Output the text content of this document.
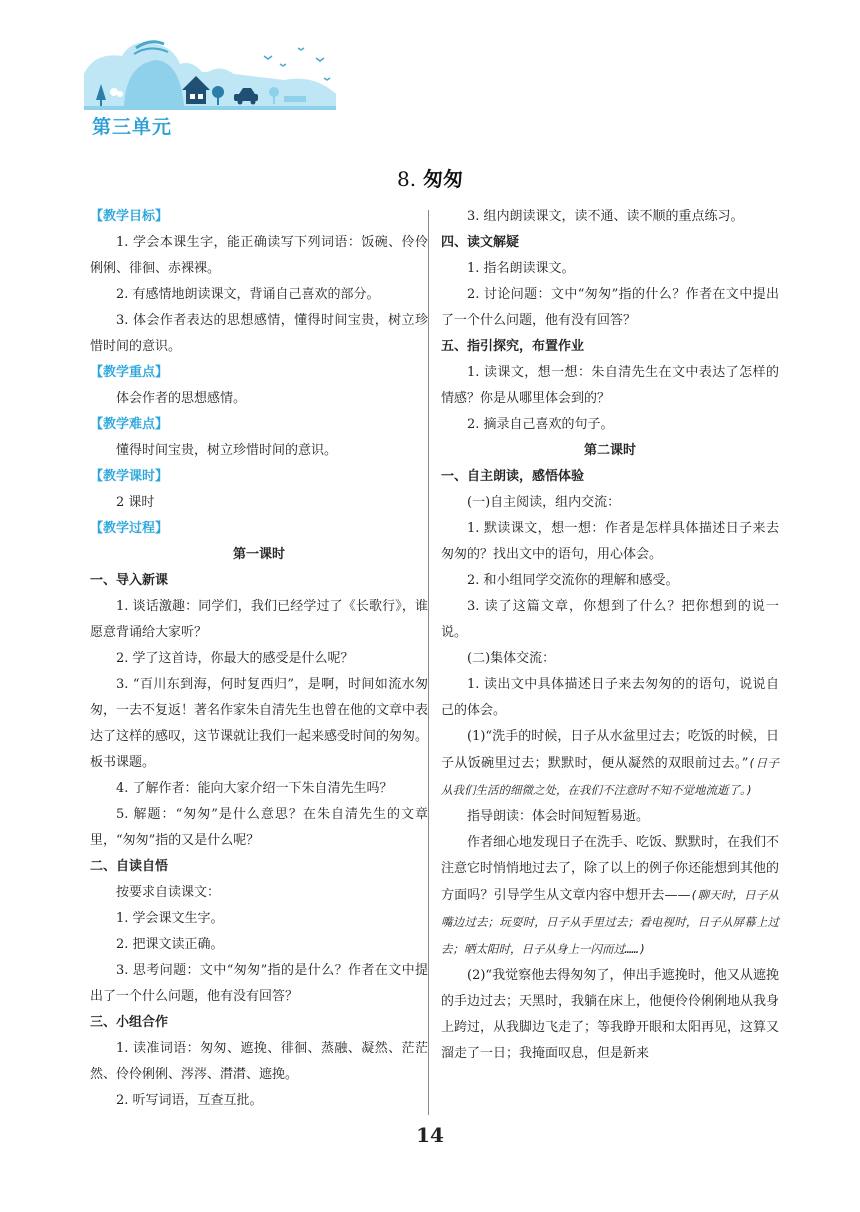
第三单元
8. 匆匆

【教学目标】

1. 学会本课生字，能正确读写下列词语：饭碗、伶伶俐俐、徘徊、赤裸裸。

2. 有感情地朗读课文，背诵自己喜欢的部分。

3. 体会作者表达的思想感情，懂得时间宝贵，树立珍惜时间的意识。

【教学重点】

体会作者的思想感情。

【教学难点】

懂得时间宝贵，树立珍惜时间的意识。

【教学课时】

2 课时

【教学过程】

第一课时

一、导入新课

1. 谈话激趣：同学们，我们已经学过了《长歌行》，谁愿意背诵给大家听？

2. 学了这首诗，你最大的感受是什么呢？

3. “百川东到海，何时复西归”，是啊，时间如流水匆匆，一去不复返！著名作家朱自清先生也曾在他的文章中表达了这样的感叹，这节课就让我们一起来感受时间的匆匆。板书课题。

4. 了解作者：能向大家介绍一下朱自清先生吗？

5. 解题：“匆匆”是什么意思？在朱自清先生的文章里，“匆匆”指的又是什么呢？

二、自读自悟

按要求自读课文：

1. 学会课文生字。

2. 把课文读正确。

3. 思考问题：文中“匆匆”指的是什么？作者在文中提出了一个什么问题，他有没有回答？

三、小组合作

1. 读准词语：匆匆、遮挽、徘徊、蒸融、凝然、茫茫然、伶伶俐俐、涔涔、潸潸、遮挽。

2. 听写词语，互查互批。

3. 组内朗读课文，读不通、读不顺的重点练习。

四、读文解疑

1. 指名朗读课文。

2. 讨论问题：文中“匆匆”指的什么？作者在文中提出了一个什么问题，他有没有回答？

五、指引探究，布置作业

1. 读课文，想一想：朱自清先生在文中表达了怎样的情感？你是从哪里体会到的？

2. 摘录自己喜欢的句子。

第二课时

一、自主朗读，感悟体验

(一)自主阅读，组内交流：

1. 默读课文，想一想：作者是怎样具体描述日子来去匆匆的？找出文中的语句，用心体会。

2. 和小组同学交流你的理解和感受。

3. 读了这篇文章，你想到了什么？把你想到的说一说。

(二)集体交流：

1. 读出文中具体描述日子来去匆匆的的语句，说说自己的体会。

(1)“洗手的时候，日子从水盆里过去；吃饭的时候，日子从饭碗里过去；默默时，便从凝然的双眼前过去。”(日子从我们生活的细微之处，在我们不注意时不知不觉地流逝了。)

指导朗读：体会时间短暂易逝。

作者细心地发现日子在洗手、吃饭、默默时，在我们不注意它时悄悄地过去了，除了以上的例子你还能想到其他的方面吗？引导学生从文章内容中想开去——(聊天时，日子从嘴边过去；玩耍时，日子从手里过去；看电视时，日子从屏幕上过去；晒太阳时，日子从身上一闪而过……)

(2)“我觉察他去得匆匆了，伸出手遮挽时，他又从遮挽的手边过去；天黑时，我躺在床上，他便伶伶俐俐地从我身上跨过，从我脚边飞走了；等我睁开眼和太阳再见，这算又溜走了一日；我掩面叹息，但是新来

14
